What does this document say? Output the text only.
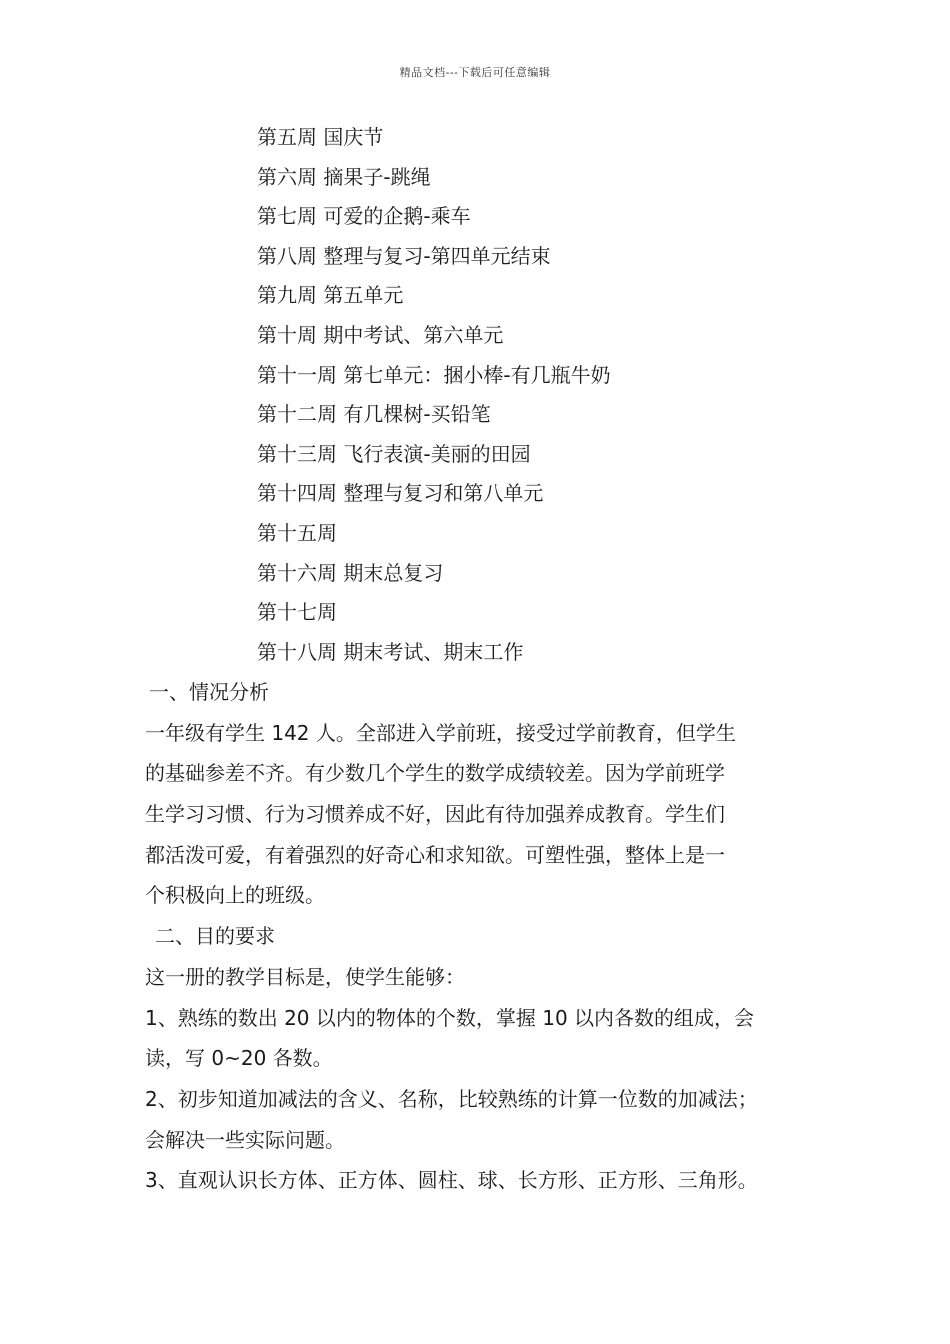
精品文档---下载后可任意编辑
第五周 国庆节
第六周 摘果子-跳绳
第七周 可爱的企鹅-乘车
第八周 整理与复习-第四单元结束
第九周 第五单元
第十周 期中考试、第六单元
第十一周 第七单元：捆小棒-有几瓶牛奶
第十二周 有几棵树-买铅笔
第十三周 飞行表演-美丽的田园
第十四周 整理与复习和第八单元
第十五周
第十六周 期末总复习
第十七周
第十八周 期末考试、期末工作
一、情况分析
一年级有学生 142 人。全部进入学前班，接受过学前教育，但学生
的基础参差不齐。有少数几个学生的数学成绩较差。因为学前班学
生学习习惯、行为习惯养成不好，因此有待加强养成教育。学生们
都活泼可爱，有着强烈的好奇心和求知欲。可塑性强，整体上是一
个积极向上的班级。
二、目的要求
这一册的教学目标是，使学生能够：
1、熟练的数出 20 以内的物体的个数，掌握 10 以内各数的组成，会
读，写 0~20 各数。
2、初步知道加减法的含义、名称，比较熟练的计算一位数的加减法；
会解决一些实际问题。
3、直观认识长方体、正方体、圆柱、球、长方形、正方形、三角形。
